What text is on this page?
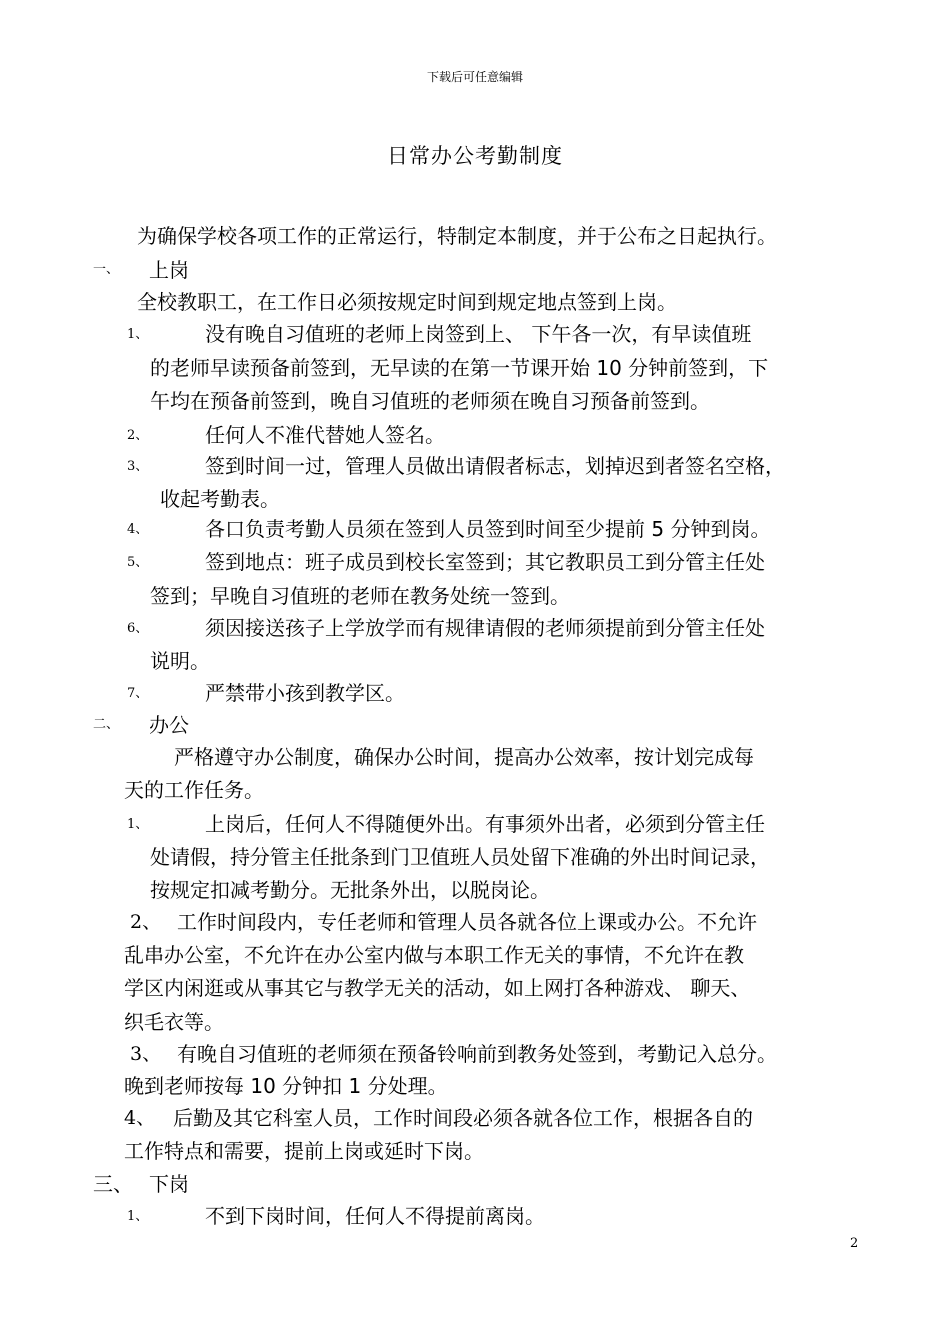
下载后可任意编辑
日常办公考勤制度
为确保学校各项工作的正常运行，特制定本制度，并于公布之日起执行。
一、 上岗
全校教职工，在工作日必须按规定时间到规定地点签到上岗。
1、	没有晚自习值班的老师上岗签到上、 下午各一次，有早读值班
的老师早读预备前签到，无早读的在第一节课开始 10 分钟前签到，下
午均在预备前签到，晚自习值班的老师须在晚自习预备前签到。
2、	任何人不准代替她人签名。
3、	签到时间一过，管理人员做出请假者标志，划掉迟到者签名空格，
收起考勤表。
4、	各口负责考勤人员须在签到人员签到时间至少提前 5 分钟到岗。
5、	签到地点：班子成员到校长室签到；其它教职员工到分管主任处
签到；早晚自习值班的老师在教务处统一签到。
6、	须因接送孩子上学放学而有规律请假的老师须提前到分管主任处
说明。
7、	严禁带小孩到教学区。
二、 办公
严格遵守办公制度，确保办公时间，提高办公效率，按计划完成每
天的工作任务。
1、	上岗后，任何人不得随便外出。有事须外出者，必须到分管主任
处请假，持分管主任批条到门卫值班人员处留下准确的外出时间记录，
按规定扣减考勤分。无批条外出，以脱岗论。
2、 工作时间段内，专任老师和管理人员各就各位上课或办公。不允许
乱串办公室，不允许在办公室内做与本职工作无关的事情，不允许在教
学区内闲逛或从事其它与教学无关的活动，如上网打各种游戏、 聊天、
织毛衣等。
3、 有晚自习值班的老师须在预备铃响前到教务处签到，考勤记入总分。
晚到老师按每 10 分钟扣 1 分处理。
4、 后勤及其它科室人员，工作时间段必须各就各位工作，根据各自的
工作特点和需要，提前上岗或延时下岗。
三、 下岗
1、	不到下岗时间，任何人不得提前离岗。
2
